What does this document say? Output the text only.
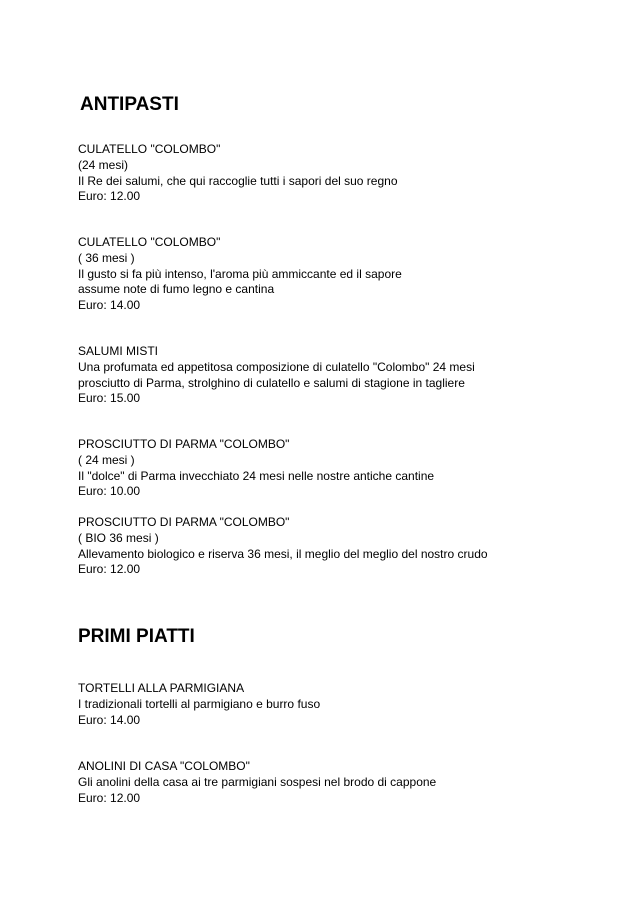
ANTIPASTI
CULATELLO "COLOMBO"
(24 mesi)
Il Re dei salumi, che qui raccoglie tutti i sapori del suo regno
Euro: 12.00
CULATELLO "COLOMBO"
( 36 mesi )
Il gusto si fa più intenso, l'aroma più ammiccante ed il sapore
assume note di fumo legno e cantina
Euro: 14.00
SALUMI MISTI
Una profumata ed appetitosa composizione di culatello "Colombo" 24 mesi
prosciutto di Parma, strolghino di culatello e salumi di stagione in tagliere
Euro: 15.00
PROSCIUTTO DI PARMA "COLOMBO"
( 24 mesi )
Il "dolce" di Parma invecchiato 24 mesi nelle nostre antiche cantine
Euro: 10.00
PROSCIUTTO DI PARMA "COLOMBO"
( BIO 36 mesi )
Allevamento biologico e riserva 36 mesi, il meglio del meglio del nostro crudo
Euro: 12.00
PRIMI PIATTI
TORTELLI ALLA PARMIGIANA
I tradizionali tortelli al parmigiano e burro fuso
Euro: 14.00
ANOLINI DI CASA "COLOMBO"
Gli anolini della casa ai tre parmigiani sospesi nel brodo di cappone
Euro: 12.00
